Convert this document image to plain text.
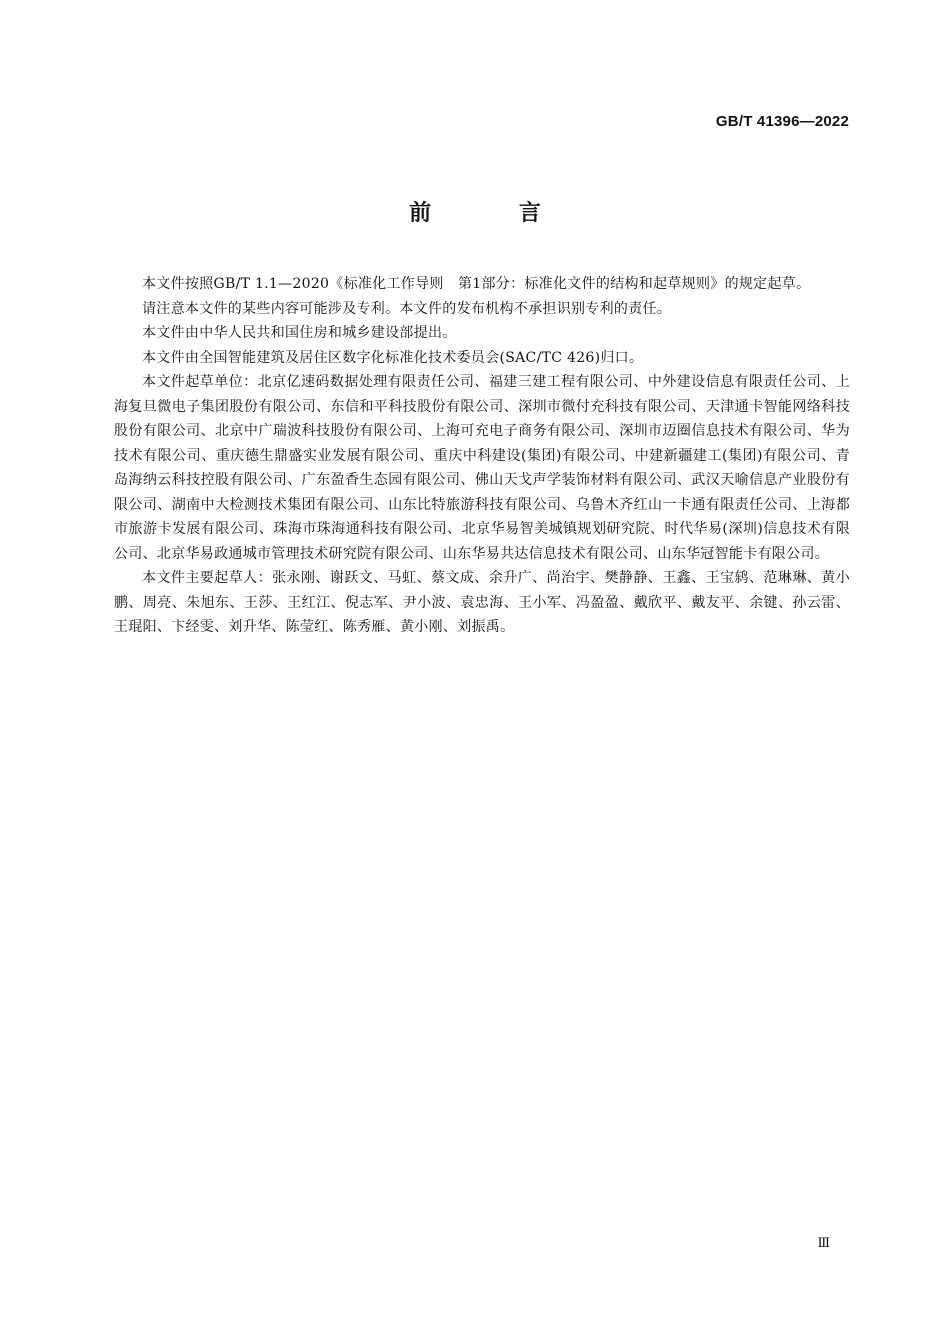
GB/T 41396—2022
前 言

本文件按照GB/T 1.1—2020《标准化工作导则　第1部分：标准化文件的结构和起草规则》的规定起草。

请注意本文件的某些内容可能涉及专利。本文件的发布机构不承担识别专利的责任。

本文件由中华人民共和国住房和城乡建设部提出。

本文件由全国智能建筑及居住区数字化标准化技术委员会(SAC/TC 426)归口。

本文件起草单位：北京亿速码数据处理有限责任公司、福建三建工程有限公司、中外建设信息有限责任公司、上海复旦微电子集团股份有限公司、东信和平科技股份有限公司、深圳市微付充科技有限公司、天津通卡智能网络科技股份有限公司、北京中广瑞波科技股份有限公司、上海可充电子商务有限公司、深圳市迈圈信息技术有限公司、华为技术有限公司、重庆德生鼎盛实业发展有限公司、重庆中科建设(集团)有限公司、中建新疆建工(集团)有限公司、青岛海纳云科技控股有限公司、广东盈香生态园有限公司、佛山天戈声学装饰材料有限公司、武汉天喻信息产业股份有限公司、湖南中大检测技术集团有限公司、山东比特旅游科技有限公司、乌鲁木齐红山一卡通有限责任公司、上海都市旅游卡发展有限公司、珠海市珠海通科技有限公司、北京华易智美城镇规划研究院、时代华易(深圳)信息技术有限公司、北京华易政通城市管理技术研究院有限公司、山东华易共达信息技术有限公司、山东华冠智能卡有限公司。

本文件主要起草人：张永刚、谢跃文、马虹、蔡文成、余升广、尚治宇、樊静静、王鑫、王宝鸫、范琳琳、黄小鹏、周亮、朱旭东、王莎、王红江、倪志军、尹小波、袁忠海、王小军、冯盈盈、戴欣平、戴友平、余键、孙云雷、王琨阳、卞经雯、刘升华、陈莹红、陈秀雁、黄小刚、刘振禹。

Ⅲ
